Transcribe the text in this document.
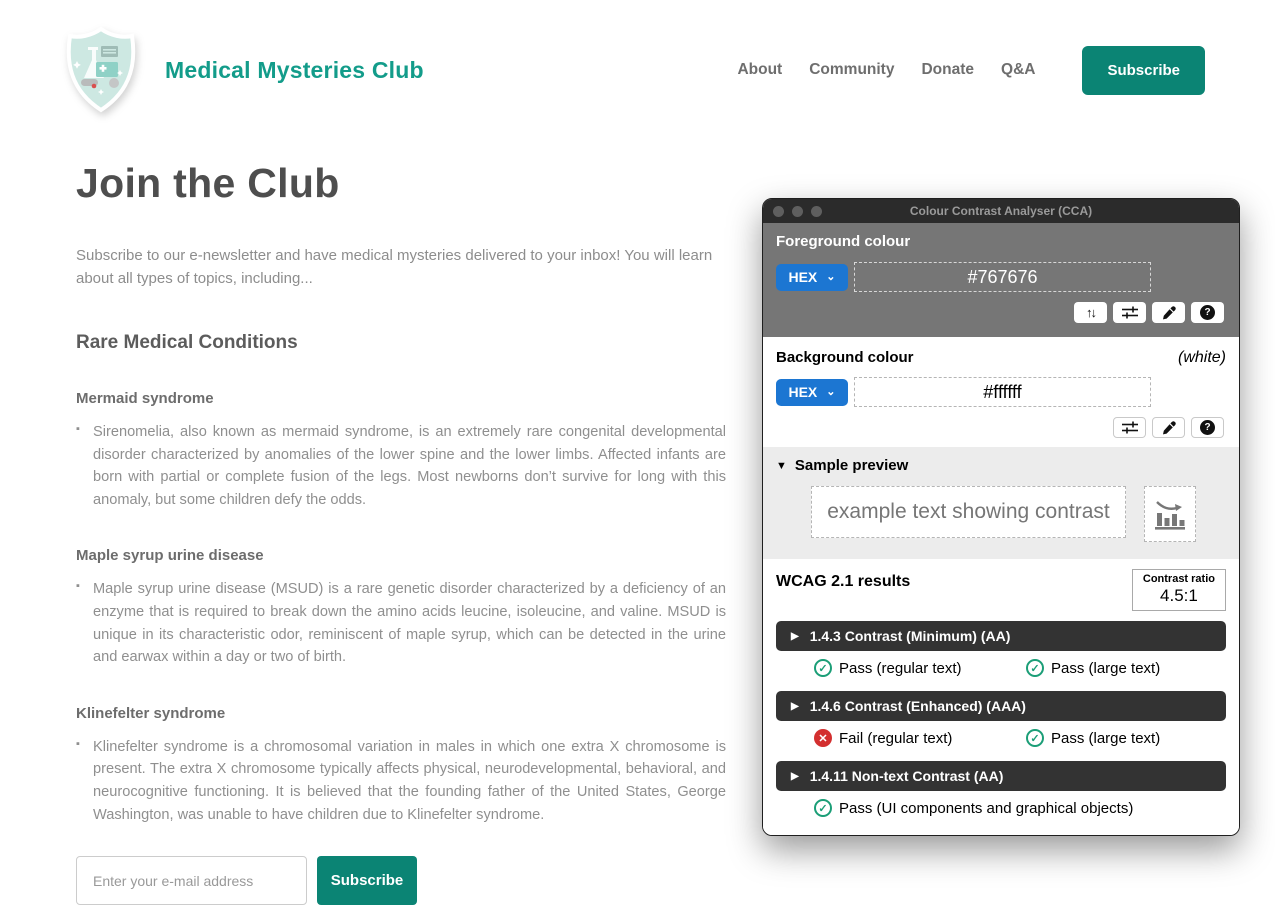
Medical Mysteries Club	About Community Donate Q&A	Subscribe
Join the Club

Subscribe to our e-newsletter and have medical mysteries delivered to your inbox! You will learn about all types of topics, including...

Rare Medical Conditions
Mermaid syndrome
▪ Sirenomelia, also known as mermaid syndrome, is an extremely rare congenital developmental disorder characterized by anomalies of the lower spine and the lower limbs. Affected infants are born with partial or complete fusion of the legs. Most newborns don’t survive for long with this anomaly, but some children defy the odds.
Maple syrup urine disease
▪ Maple syrup urine disease (MSUD) is a rare genetic disorder characterized by a deficiency of an enzyme that is required to break down the amino acids leucine, isoleucine, and valine. MSUD is unique in its characteristic odor, reminiscent of maple syrup, which can be detected in the urine and earwax within a day or two of birth.
Klinefelter syndrome
▪ Klinefelter syndrome is a chromosomal variation in males in which one extra X chromosome is present. The extra X chromosome typically affects physical, neurodevelopmental, behavioral, and neurocognitive functioning. It is believed that the founding father of the United States, George Washington, was unable to have children due to Klinefelter syndrome.
Enter your e-mail address
Subscribe
Colour Contrast Analyser (CCA)
Foreground colour
HEX ⌄
#767676
↑↓	?
Background colour	(white)
HEX ⌄
#ffffff
?
▼ Sample preview
example text showing contrast
WCAG 2.1 results	Contrast ratio
4.5:1
▶ 1.4.3 Contrast (Minimum) (AA)
✓ Pass (regular text)	✓ Pass (large text)
▶ 1.4.6 Contrast (Enhanced) (AAA)
✕ Fail (regular text)	✓ Pass (large text)
▶ 1.4.11 Non-text Contrast (AA)
✓ Pass (UI components and graphical objects)
